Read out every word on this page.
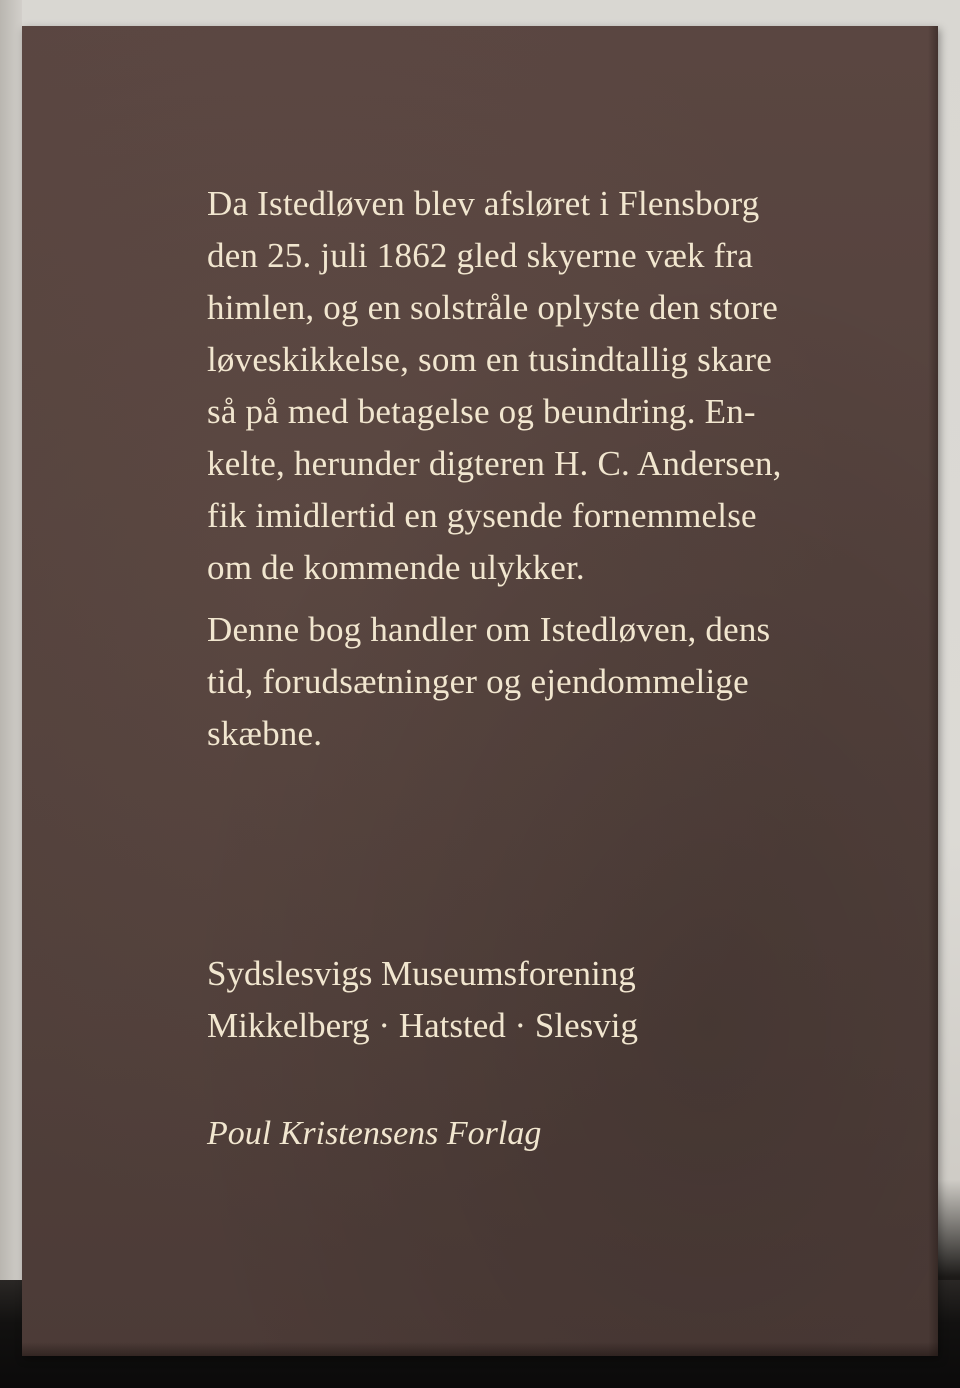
Da Istedløven blev afsløret i Flensborg
den 25. juli 1862 gled skyerne væk fra
himlen, og en solstråle oplyste den store
løveskikkelse, som en tusindtallig skare
så på med betagelse og beundring. En-
kelte, herunder digteren H. C. Andersen,
fik imidlertid en gysende fornemmelse
om de kommende ulykker.

Denne bog handler om Istedløven, dens
tid, forudsætninger og ejendommelige
skæbne.

Sydslesvigs Museumsforening
Mikkelberg · Hatsted · Slesvig
Poul Kristensens Forlag
